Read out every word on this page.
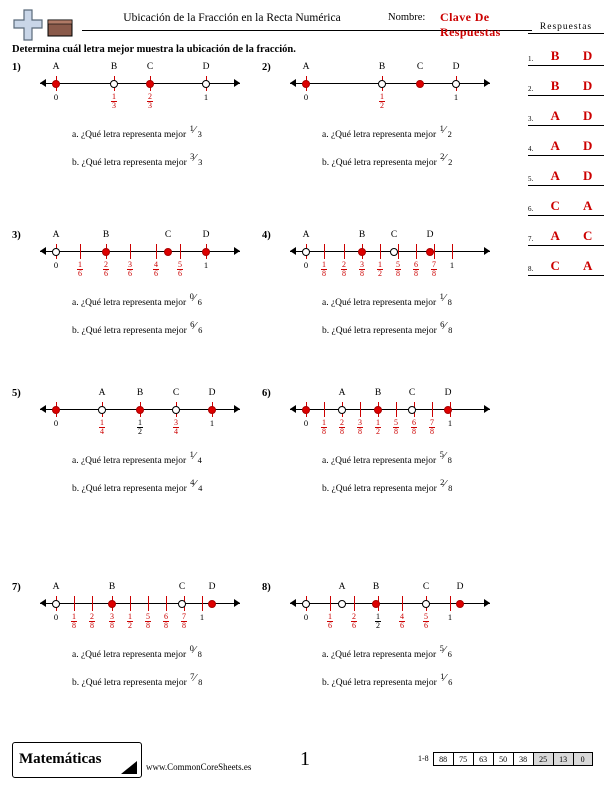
Ubicación de la Fracción en la Recta Numérica	Nombre: Clave De Respuestas
Determina cuál letra mejor muestra la ubicación de la fracción.
Respuestas
1.	B D
2.	B D
3.	A D
4.	A D
5.	A D
6.	C A
7.	A C
8.	C A
1)	A	B	C	D
0	$\frac{1}{3}$	$\frac{2}{3}$	1
a. ¿Qué letra representa mejor
1 ⁄ 3
b. ¿Qué letra representa mejor
3 ⁄ 3
2)	A	B	C	D
0	$\frac{1}{2}$	1
a. ¿Qué letra representa mejor
1 ⁄ 2
b. ¿Qué letra representa mejor
2 ⁄ 2
3)	A	B	C	D
$0 \frac{1}{6}$	$\frac{2}{6} \frac{3}{6}$	$\frac{4}{6} \frac{5}{6} 1$
a. ¿Qué letra representa mejor
0 ⁄ 6
b. ¿Qué letra representa mejor
6 ⁄ 6
4)	A	B	C	D
$0 \frac{1}{8} \frac{2}{8} \frac{3}{8} \frac{1}{2} \frac{5}{8} \frac{6}{8} \frac{7}{8} 1$
a. ¿Qué letra representa mejor
1 ⁄ 8
b. ¿Qué letra representa mejor
6 ⁄ 8
5)	A	B	C	D
0	$\frac{1}{4}$	$\frac{1}{2}$	$\frac{3}{4}$	1
a. ¿Qué letra representa mejor
1 ⁄ 4
b. ¿Qué letra representa mejor
4 ⁄ 4
6)	A	B	C	D
$0 \frac{1}{8} \frac{2}{8} \frac{3}{8} \frac{1}{2} \frac{5}{8} \frac{6}{8} \frac{7}{8} 1$
a. ¿Qué letra representa mejor
5 ⁄ 8
b. ¿Qué letra representa mejor
2 ⁄ 8
7)	A	B	C D
$0 \frac{1}{8} \frac{2}{8} \frac{3}{8} \frac{1}{2} \frac{5}{8} \frac{6}{8} \frac{7}{8} 1$
a. ¿Qué letra representa mejor
0 ⁄ 8
b. ¿Qué letra representa mejor
7 ⁄ 8
8)	A	B	C	D
$0 \frac{1}{6} \frac{2}{6} \frac{1}{2} \frac{4}{6} \frac{5}{6} 1$
a. ¿Qué letra representa mejor
5 ⁄ 6
b. ¿Qué letra representa mejor
1 ⁄ 6
Matemáticas	www.CommonCoreSheets.es 1	1-8	88	75	63	50	38	25	13	0
